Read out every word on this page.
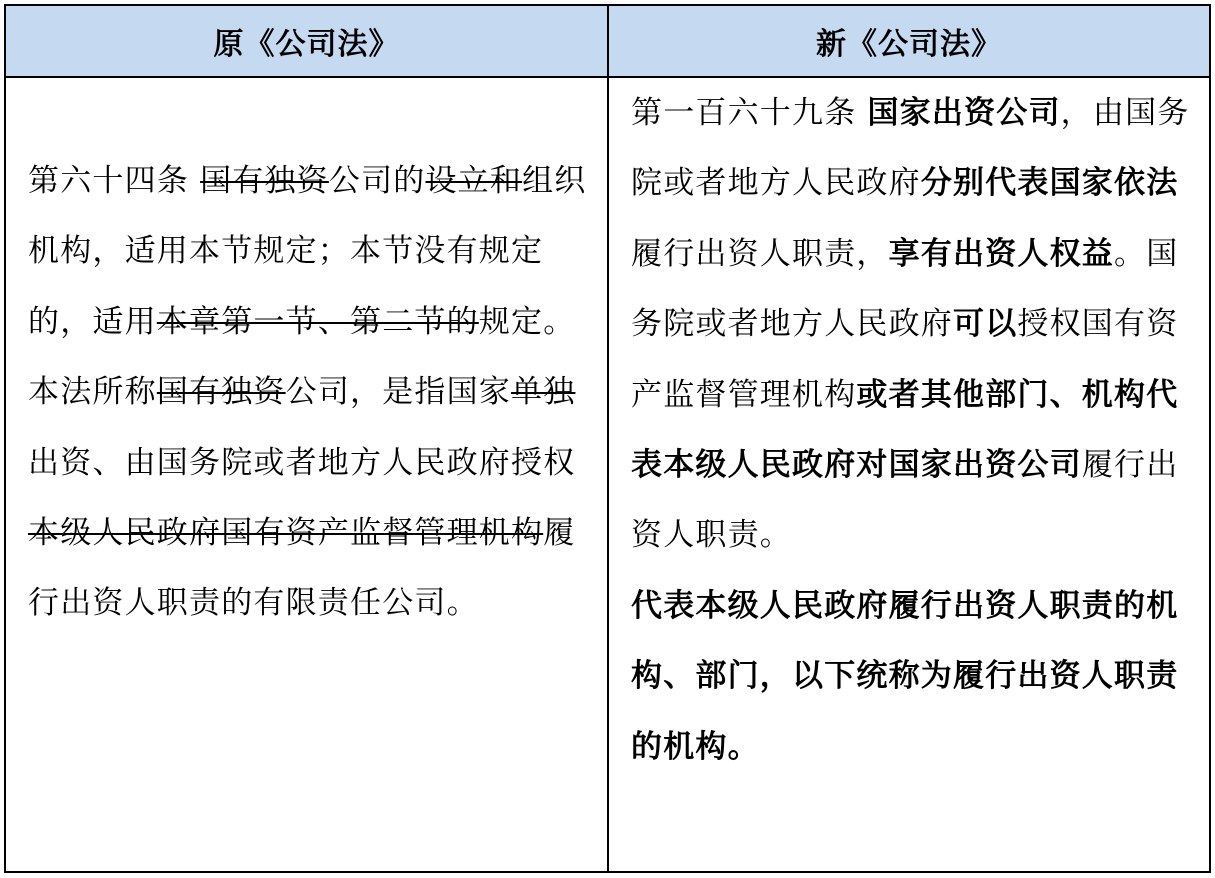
原《公司法》	新《公司法》

第六十四条 国有独资公司的设立和组织机构，适用本节规定；本节没有规定的，适用本章第一节、第二节的规定。

本法所称国有独资公司，是指国家单独出资、由国务院或者地方人民政府授权本级人民政府国有资产监督管理机构履行出资人职责的有限责任公司。

第一百六十九条 国家出资公司，由国务院或者地方人民政府分别代表国家依法履行出资人职责，享有出资人权益。国务院或者地方人民政府可以授权国有资产监督管理机构或者其他部门、机构代表本级人民政府对国家出资公司履行出资人职责。

代表本级人民政府履行出资人职责的机构、部门，以下统称为履行出资人职责的机构。
